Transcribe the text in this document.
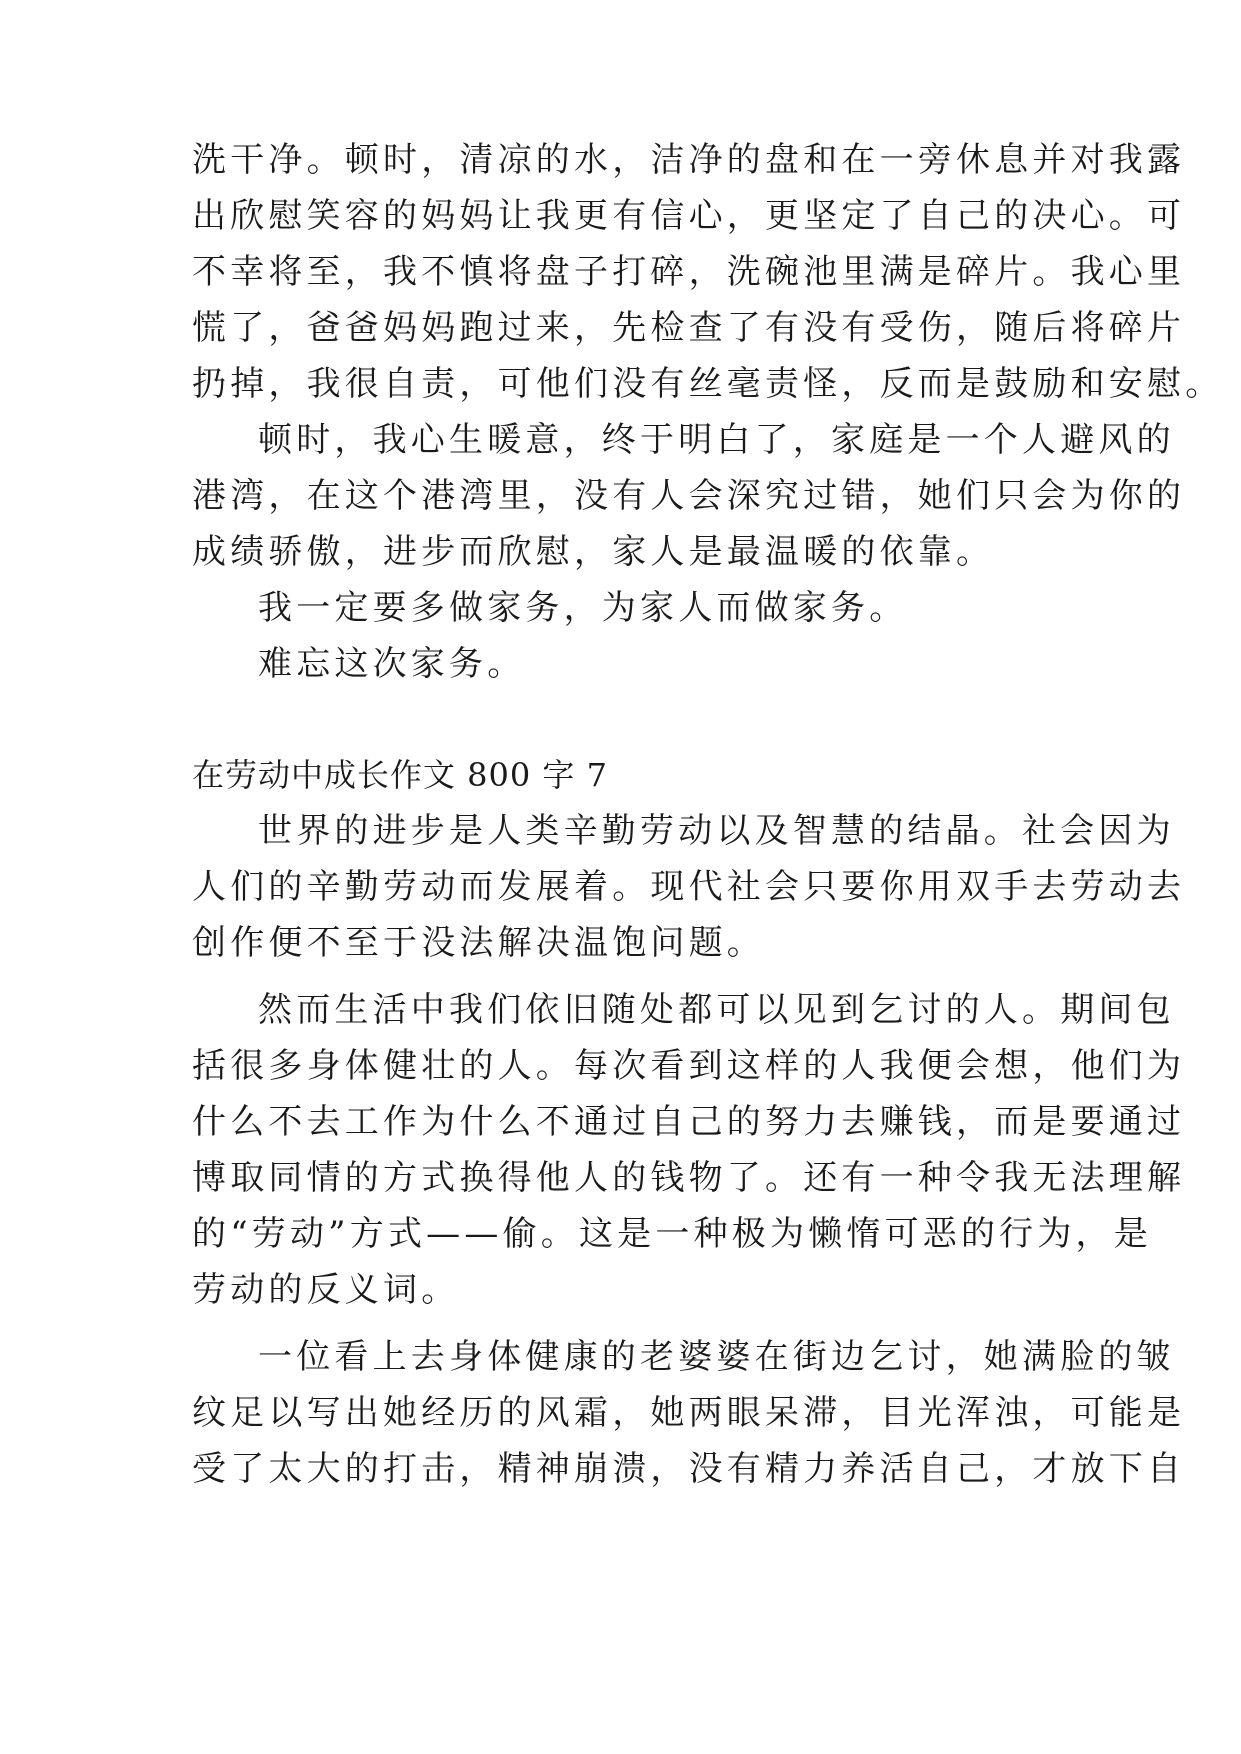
洗干净。顿时，清凉的水，洁净的盘和在一旁休息并对我露
出欣慰笑容的妈妈让我更有信心，更坚定了自己的决心。可
不幸将至，我不慎将盘子打碎，洗碗池里满是碎片。我心里
慌了，爸爸妈妈跑过来，先检查了有没有受伤，随后将碎片
扔掉，我很自责，可他们没有丝毫责怪，反而是鼓励和安慰。
顿时，我心生暖意，终于明白了，家庭是一个人避风的
港湾，在这个港湾里，没有人会深究过错，她们只会为你的
成绩骄傲，进步而欣慰，家人是最温暖的依靠。
我一定要多做家务，为家人而做家务。
难忘这次家务。
在劳动中成长作文 800 字 7
世界的进步是人类辛勤劳动以及智慧的结晶。社会因为
人们的辛勤劳动而发展着。现代社会只要你用双手去劳动去
创作便不至于没法解决温饱问题。
然而生活中我们依旧随处都可以见到乞讨的人。期间包
括很多身体健壮的人。每次看到这样的人我便会想，他们为
什么不去工作为什么不通过自己的努力去赚钱，而是要通过
博取同情的方式换得他人的钱物了。还有一种令我无法理解
的“劳动”方式——偷。这是一种极为懒惰可恶的行为，是
劳动的反义词。
一位看上去身体健康的老婆婆在街边乞讨，她满脸的皱
纹足以写出她经历的风霜，她两眼呆滞，目光浑浊，可能是
受了太大的打击，精神崩溃，没有精力养活自己，才放下自
